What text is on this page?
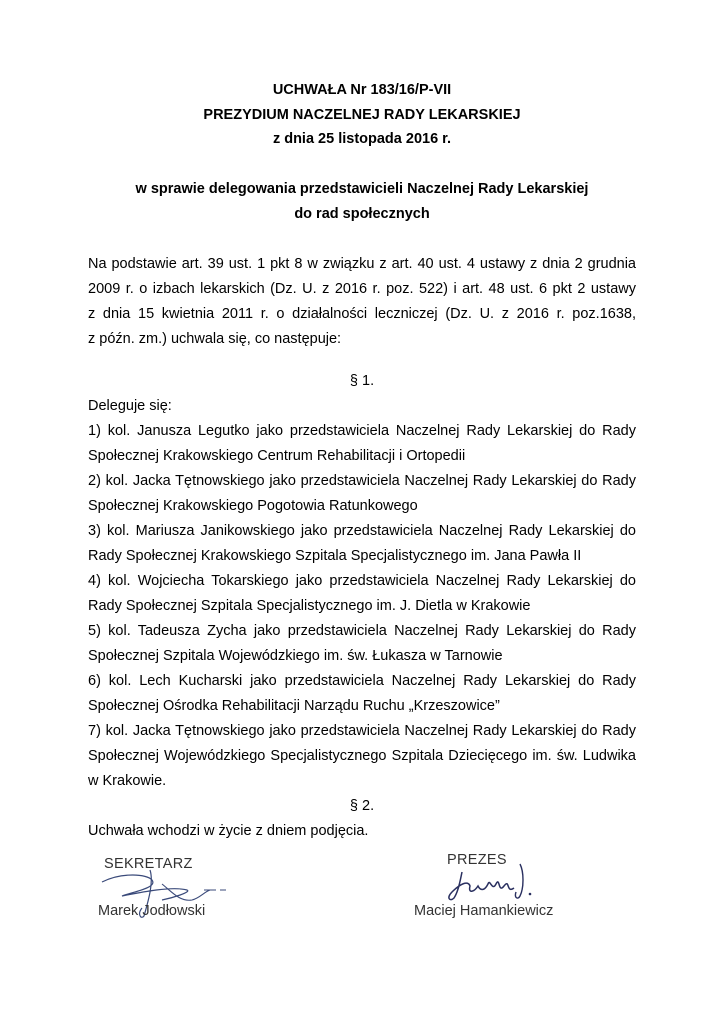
UCHWAŁA Nr 183/16/P-VII
PREZYDIUM NACZELNEJ RADY LEKARSKIEJ
z dnia 25 listopada 2016 r.
w sprawie delegowania przedstawicieli Naczelnej Rady Lekarskiej
do rad społecznych
Na podstawie art. 39 ust. 1 pkt 8 w związku z art. 40 ust. 4 ustawy z dnia 2 grudnia
2009 r. o izbach lekarskich (Dz. U. z 2016 r. poz. 522) i art. 48 ust. 6 pkt 2 ustawy
z dnia 15 kwietnia 2011 r. o działalności leczniczej (Dz. U. z 2016 r. poz.1638,
z późn. zm.) uchwala się, co następuje:
§ 1.
Deleguje się:
1) kol. Janusza Legutko jako przedstawiciela Naczelnej Rady Lekarskiej do Rady
Społecznej Krakowskiego Centrum Rehabilitacji i Ortopedii
2) kol. Jacka Tętnowskiego jako przedstawiciela Naczelnej Rady Lekarskiej do Rady
Społecznej Krakowskiego Pogotowia Ratunkowego
3) kol. Mariusza Janikowskiego jako przedstawiciela Naczelnej Rady Lekarskiej do
Rady Społecznej Krakowskiego Szpitala Specjalistycznego im. Jana Pawła II
4) kol. Wojciecha Tokarskiego jako przedstawiciela Naczelnej Rady Lekarskiej do
Rady Społecznej Szpitala Specjalistycznego im. J. Dietla w Krakowie
5) kol. Tadeusza Zycha jako przedstawiciela Naczelnej Rady Lekarskiej do Rady
Społecznej Szpitala Wojewódzkiego im. św. Łukasza w Tarnowie
6) kol. Lech Kucharski jako przedstawiciela Naczelnej Rady Lekarskiej do Rady
Społecznej Ośrodka Rehabilitacji Narządu Ruchu „Krzeszowice”
7) kol. Jacka Tętnowskiego jako przedstawiciela Naczelnej Rady Lekarskiej do Rady
Społecznej Wojewódzkiego Specjalistycznego Szpitala Dziecięcego im. św. Ludwika
w Krakowie.
§ 2.
Uchwała wchodzi w życie z dniem podjęcia.
SEKRETARZ
Marek Jodłowski
PREZES
Maciej Hamankiewicz
